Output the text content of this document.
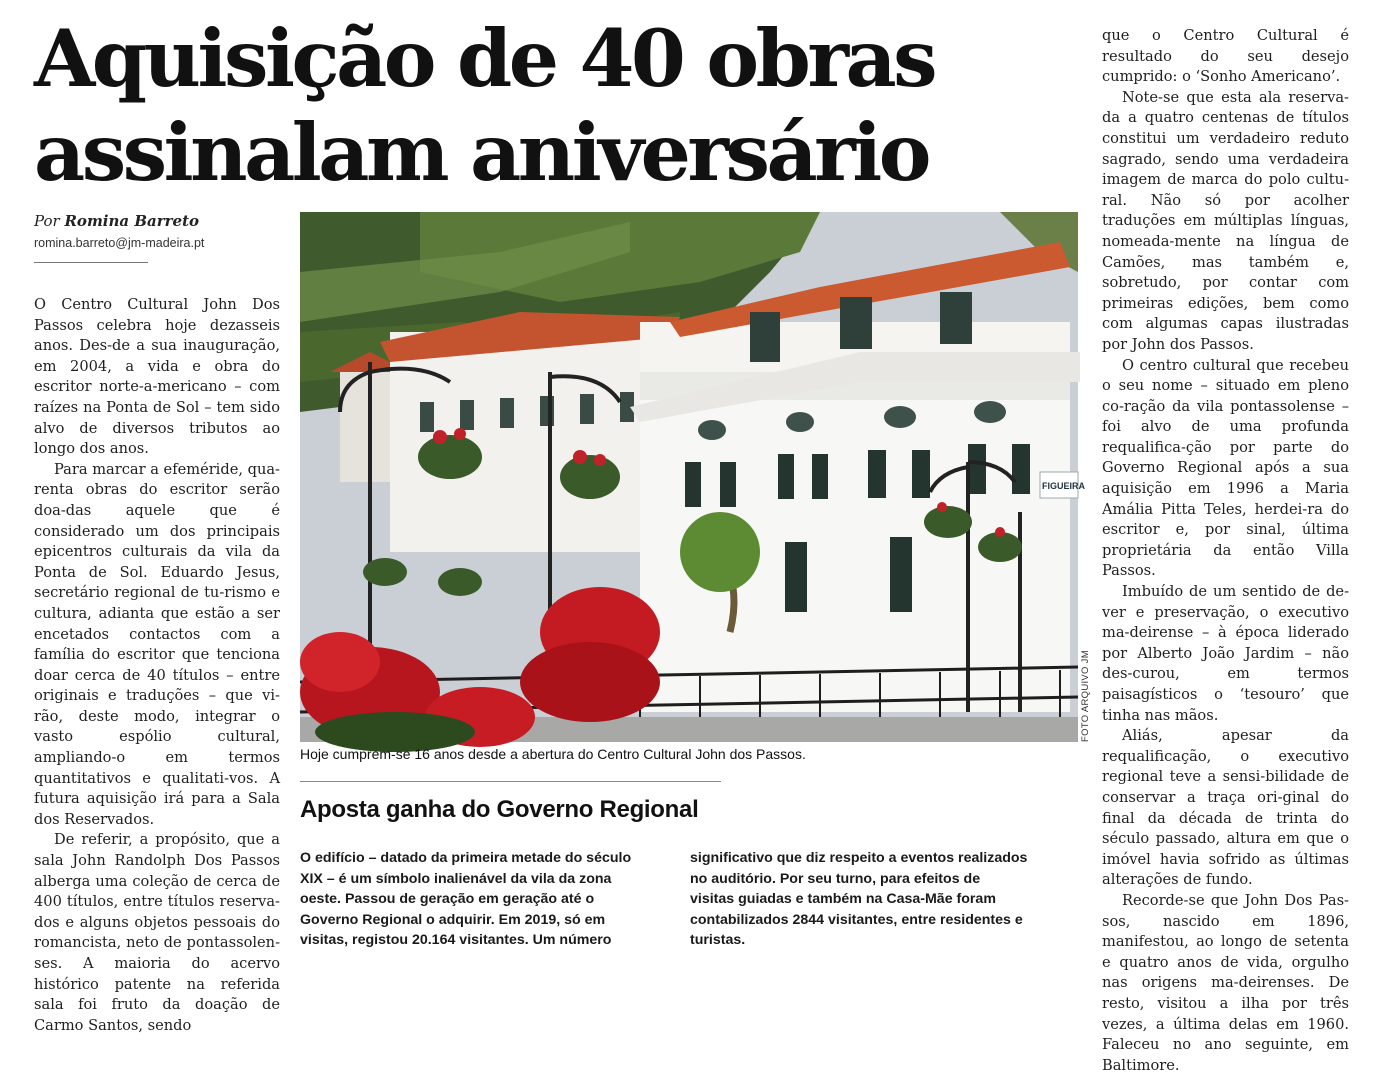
Aquisição de 40 obras
assinalam aniversário
Por Romina Barreto
romina.barreto@jm-madeira.pt

O Centro Cultural John Dos Passos celebra hoje dezasseis anos. Des-de a sua inauguração, em 2004, a vida e obra do escritor norte-a-mericano – com raízes na Ponta de Sol – tem sido alvo de diversos tributos ao longo dos anos.

Para marcar a efeméride, qua-renta obras do escritor serão doa-das aquele que é considerado um dos principais epicentros culturais da vila da Ponta de Sol. Eduardo Jesus, secretário regional de tu-rismo e cultura, adianta que estão a ser encetados contactos com a família do escritor que tenciona doar cerca de 40 títulos – entre originais e traduções – que vi-rão, deste modo, integrar o vasto espólio cultural, ampliando-o em termos quantitativos e qualitati-vos. A futura aquisição irá para a Sala dos Reservados.

De referir, a propósito, que a sala John Randolph Dos Passos alberga uma coleção de cerca de 400 títulos, entre títulos reserva-dos e alguns objetos pessoais do romancista, neto de pontassolen-ses. A maioria do acervo histórico patente na referida sala foi fruto da doação de Carmo Santos, sendo

FIGUEIRA
FOTO ARQUIVO JM
Hoje cumprem-se 16 anos desde a abertura do Centro Cultural John dos Passos.
Aposta ganha do Governo Regional
O edifício – datado da primeira metade do século
XIX – é um símbolo inalienável da vila da zona
oeste. Passou de geração em geração até o
Governo Regional o adquirir. Em 2019, só em
visitas, registou 20.164 visitantes. Um número
significativo que diz respeito a eventos realizados
no auditório. Por seu turno, para efeitos de
visitas guiadas e também na Casa-Mãe foram
contabilizados 2844 visitantes, entre residentes e
turistas.

que o Centro Cultural é resultado do seu desejo cumprido: o ‘Sonho Americano’.

Note-se que esta ala reserva-da a quatro centenas de títulos constitui um verdadeiro reduto sagrado, sendo uma verdadeira imagem de marca do polo cultu-ral. Não só por acolher traduções em múltiplas línguas, nomeada-mente na língua de Camões, mas também e, sobretudo, por contar com primeiras edições, bem como com algumas capas ilustradas por John dos Passos.

O centro cultural que recebeu o seu nome – situado em pleno co-ração da vila pontassolense – foi alvo de uma profunda requalifica-ção por parte do Governo Regional após a sua aquisição em 1996 a Maria Amália Pitta Teles, herdei-ra do escritor e, por sinal, última proprietária da então Villa Passos.

Imbuído de um sentido de de-ver e preservação, o executivo ma-deirense – à época liderado por Alberto João Jardim – não des-curou, em termos paisagísticos o ‘tesouro’ que tinha nas mãos.

Aliás, apesar da requalificação, o executivo regional teve a sensi-bilidade de conservar a traça ori-ginal do final da década de trinta do século passado, altura em que o imóvel havia sofrido as últimas alterações de fundo.

Recorde-se que John Dos Pas-sos, nascido em 1896, manifestou, ao longo de setenta e quatro anos de vida, orgulho nas origens ma-deirenses. De resto, visitou a ilha por três vezes, a última delas em 1960. Faleceu no ano seguinte, em Baltimore.
